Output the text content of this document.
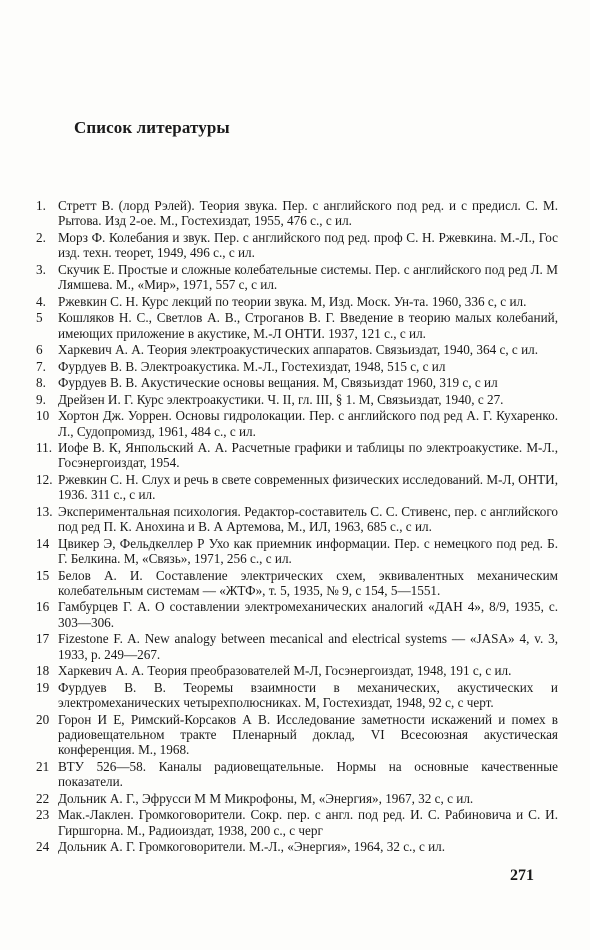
Список литературы
1. Стретт В. (лорд Рэлей). Теория звука. Пер. с английского под ред. и с предисл. С. М. Рытова. Изд 2-ое. М., Гостехиздат, 1955, 476 с., с ил.
2. Морз Ф. Колебания и звук. Пер. с английского под ред. проф С. Н. Ржевкина. М.-Л., Гос изд. техн. теорет, 1949, 496 с., с ил.
3. Скучик Е. Простые и сложные колебательные системы. Пер. с английского под ред Л. М Лямшева. М., «Мир», 1971, 557 с, с ил.
4. Ржевкин С. Н. Курс лекций по теории звука. М, Изд. Моск. Ун-та. 1960, 336 с, с ил.
5	Кошляков Н. С., Светлов А. В., Строганов В. Г. Введение в теорию малых колебаний, имеющих приложение в акустике, М.-Л ОНТИ. 1937, 121 с., с ил.
6	Харкевич А. А. Теория электроакустических аппаратов. Связьиздат, 1940, 364 с, с ил.
7. Фурдуев В. В. Электроакустика. М.-Л., Гостехиздат, 1948, 515 с, с ил
8. Фурдуев В. В. Акустические основы вещания. М, Связьиздат 1960, 319 с, с ил
9. Дрейзен И. Г. Курс электроакустики. Ч. II, гл. III, § 1. М, Связьиздат, 1940, с 27.
10 Хортон Дж. Уоррен. Основы гидролокации. Пер. с английского под ред А. Г. Кухаренко. Л., Судопромизд, 1961, 484 с., с ил.
11. Иофе В. К, Янпольский А. А. Расчетные графики и таблицы по электроакустике. М-Л., Госэнергоиздат, 1954.
12. Ржевкин С. Н. Слух и речь в свете современных физических исследований. М-Л, ОНТИ, 1936. 311 с., с ил.
13. Экспериментальная психология. Редактор-составитель С. С. Стивенс, пер. с английского под ред П. К. Анохина и В. А Артемова, М., ИЛ, 1963, 685 с., с ил.
14 Цвикер Э, Фельдкеллер Р Ухо как приемник информации. Пер. с немецкого под ред. Б. Г. Белкина. М, «Связь», 1971, 256 с., с ил.
15 Белов А. И. Составление электрических схем, эквивалентных механическим колебательным системам — «ЖТФ», т. 5, 1935, № 9, с 154, 5—1551.
16 Гамбурцев Г. А. О составлении электромеханических аналогий «ДАН 4», 8/9, 1935, с. 303—306.
17 Fizestone F. A. New analogy between mecanical and electrical systems — «JASA» 4, v. 3, 1933, p. 249—267.
18 Харкевич А. А. Теория преобразователей М-Л, Госэнергоиздат, 1948, 191 с, с ил.
19 Фурдуев В. В. Теоремы взаимности в механических, акустических и электромеханических четырехполюсниках. М, Гостехиздат, 1948, 92 с, с черт.
20 Горон И Е, Римский-Корсаков А В. Исследование заметности искажений и помех в радиовещательном тракте Пленарный доклад, VI Всесоюзная акустическая конференция. М., 1968.
21 ВТУ 526—58. Каналы радиовещательные. Нормы на основные качественные показатели.
22 Дольник А. Г., Эфрусси М М Микрофоны, М, «Энергия», 1967, 32 с, с ил.
23 Мак.-Лаклен. Громкоговорители. Сокр. пер. с англ. под ред. И. С. Рабиновича и С. И. Гиршгорна. М., Радиоиздат, 1938, 200 с., с черг
24 Дольник А. Г. Громкоговорители. М.-Л., «Энергия», 1964, 32 с., с ил.
271
